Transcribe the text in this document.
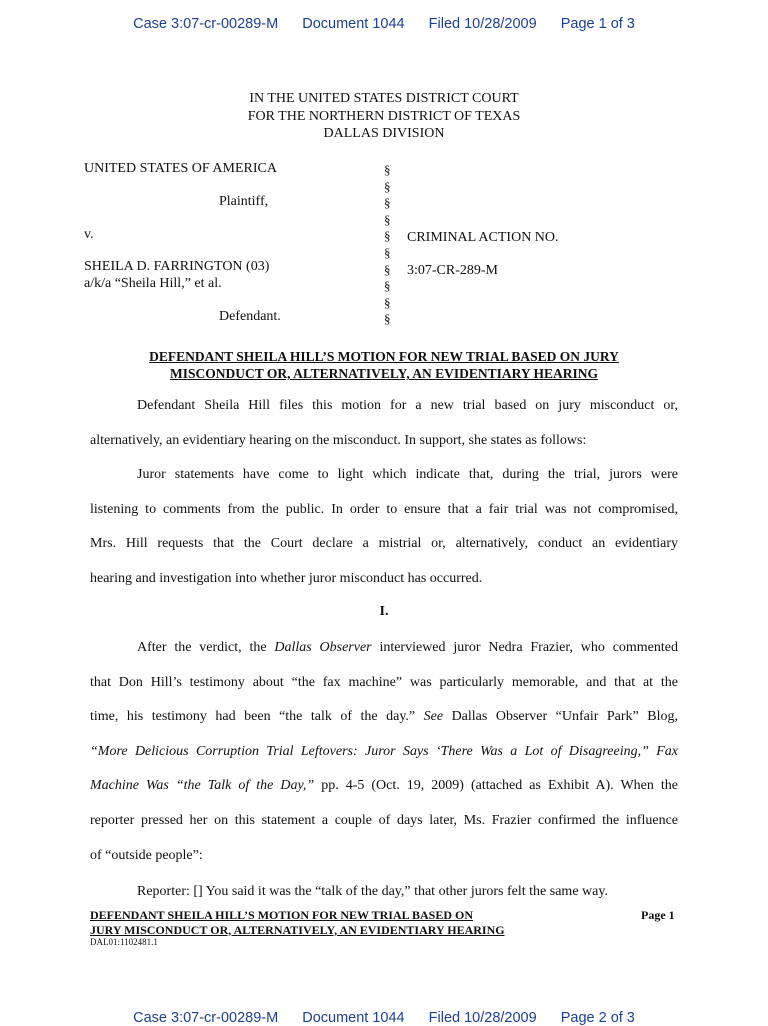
Case 3:07-cr-00289-M Document 1044 Filed 10/28/2009 Page 1 of 3
IN THE UNITED STATES DISTRICT COURT
FOR THE NORTHERN DISTRICT OF TEXAS
DALLAS DIVISION
UNITED STATES OF AMERICA
Plaintiff,
v.
SHEILA D. FARRINGTON (03)
a/k/a “Sheila Hill,” et al.
Defendant.
§
§
§
§
§
§
§
§
§
§
CRIMINAL ACTION NO.
3:07-CR-289-M
DEFENDANT SHEILA HILL’S MOTION FOR NEW TRIAL BASED ON JURY
MISCONDUCT OR, ALTERNATIVELY, AN EVIDENTIARY HEARING
Defendant Sheila Hill files this motion for a new trial based on jury misconduct or,
alternatively, an evidentiary hearing on the misconduct. In support, she states as follows:
Juror statements have come to light which indicate that, during the trial, jurors were
listening to comments from the public. In order to ensure that a fair trial was not compromised,
Mrs. Hill requests that the Court declare a mistrial or, alternatively, conduct an evidentiary
hearing and investigation into whether juror misconduct has occurred.
I.
After the verdict, the Dallas Observer interviewed juror Nedra Frazier, who commented
that Don Hill’s testimony about “the fax machine” was particularly memorable, and that at the
time, his testimony had been “the talk of the day.” See Dallas Observer “Unfair Park” Blog,
“More Delicious Corruption Trial Leftovers: Juror Says ‘There Was a Lot of Disagreeing,” Fax
Machine Was “the Talk of the Day,” pp. 4-5 (Oct. 19, 2009) (attached as Exhibit A). When the
reporter pressed her on this statement a couple of days later, Ms. Frazier confirmed the influence
of “outside people”:
Reporter: [] You said it was the “talk of the day,” that other jurors felt the same way.
DEFENDANT SHEILA HILL’S MOTION FOR NEW TRIAL BASED ON
JURY MISCONDUCT OR, ALTERNATIVELY, AN EVIDENTIARY HEARING
Page 1
DAL01:1102481.1
Case 3:07-cr-00289-M Document 1044 Filed 10/28/2009 Page 2 of 3
